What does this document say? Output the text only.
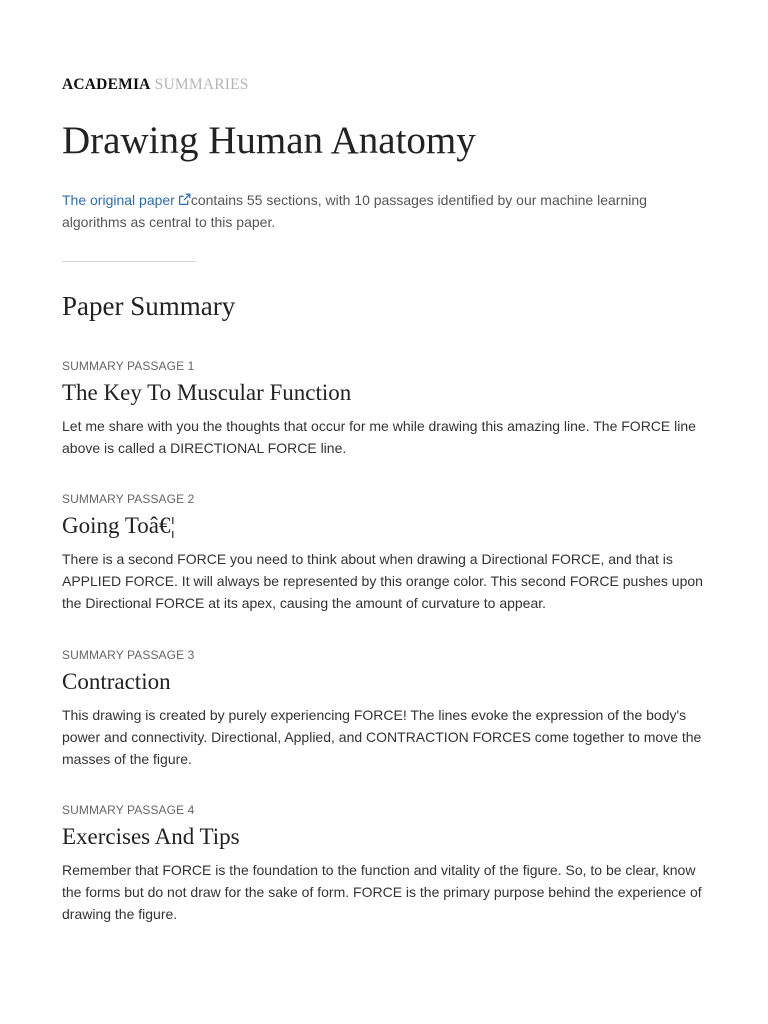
ACADEMIA SUMMARIES
Drawing Human Anatomy

The original paper contains 55 sections, with 10 passages identified by our machine learning algorithms as central to this paper.

Paper Summary
SUMMARY PASSAGE 1
The Key To Muscular Function

Let me share with you the thoughts that occur for me while drawing this amazing line. The FORCE line above is called a DIRECTIONAL FORCE line.

SUMMARY PASSAGE 2
Going Toâ€¦

There is a second FORCE you need to think about when drawing a Directional FORCE, and that is APPLIED FORCE. It will always be represented by this orange color. This second FORCE pushes upon the Directional FORCE at its apex, causing the amount of curvature to appear.

SUMMARY PASSAGE 3
Contraction

This drawing is created by purely experiencing FORCE! The lines evoke the expression of the body's power and connectivity. Directional, Applied, and CONTRACTION FORCES come together to move the masses of the figure.

SUMMARY PASSAGE 4
Exercises And Tips

Remember that FORCE is the foundation to the function and vitality of the figure. So, to be clear, know the forms but do not draw for the sake of form. FORCE is the primary purpose behind the experience of drawing the figure.
